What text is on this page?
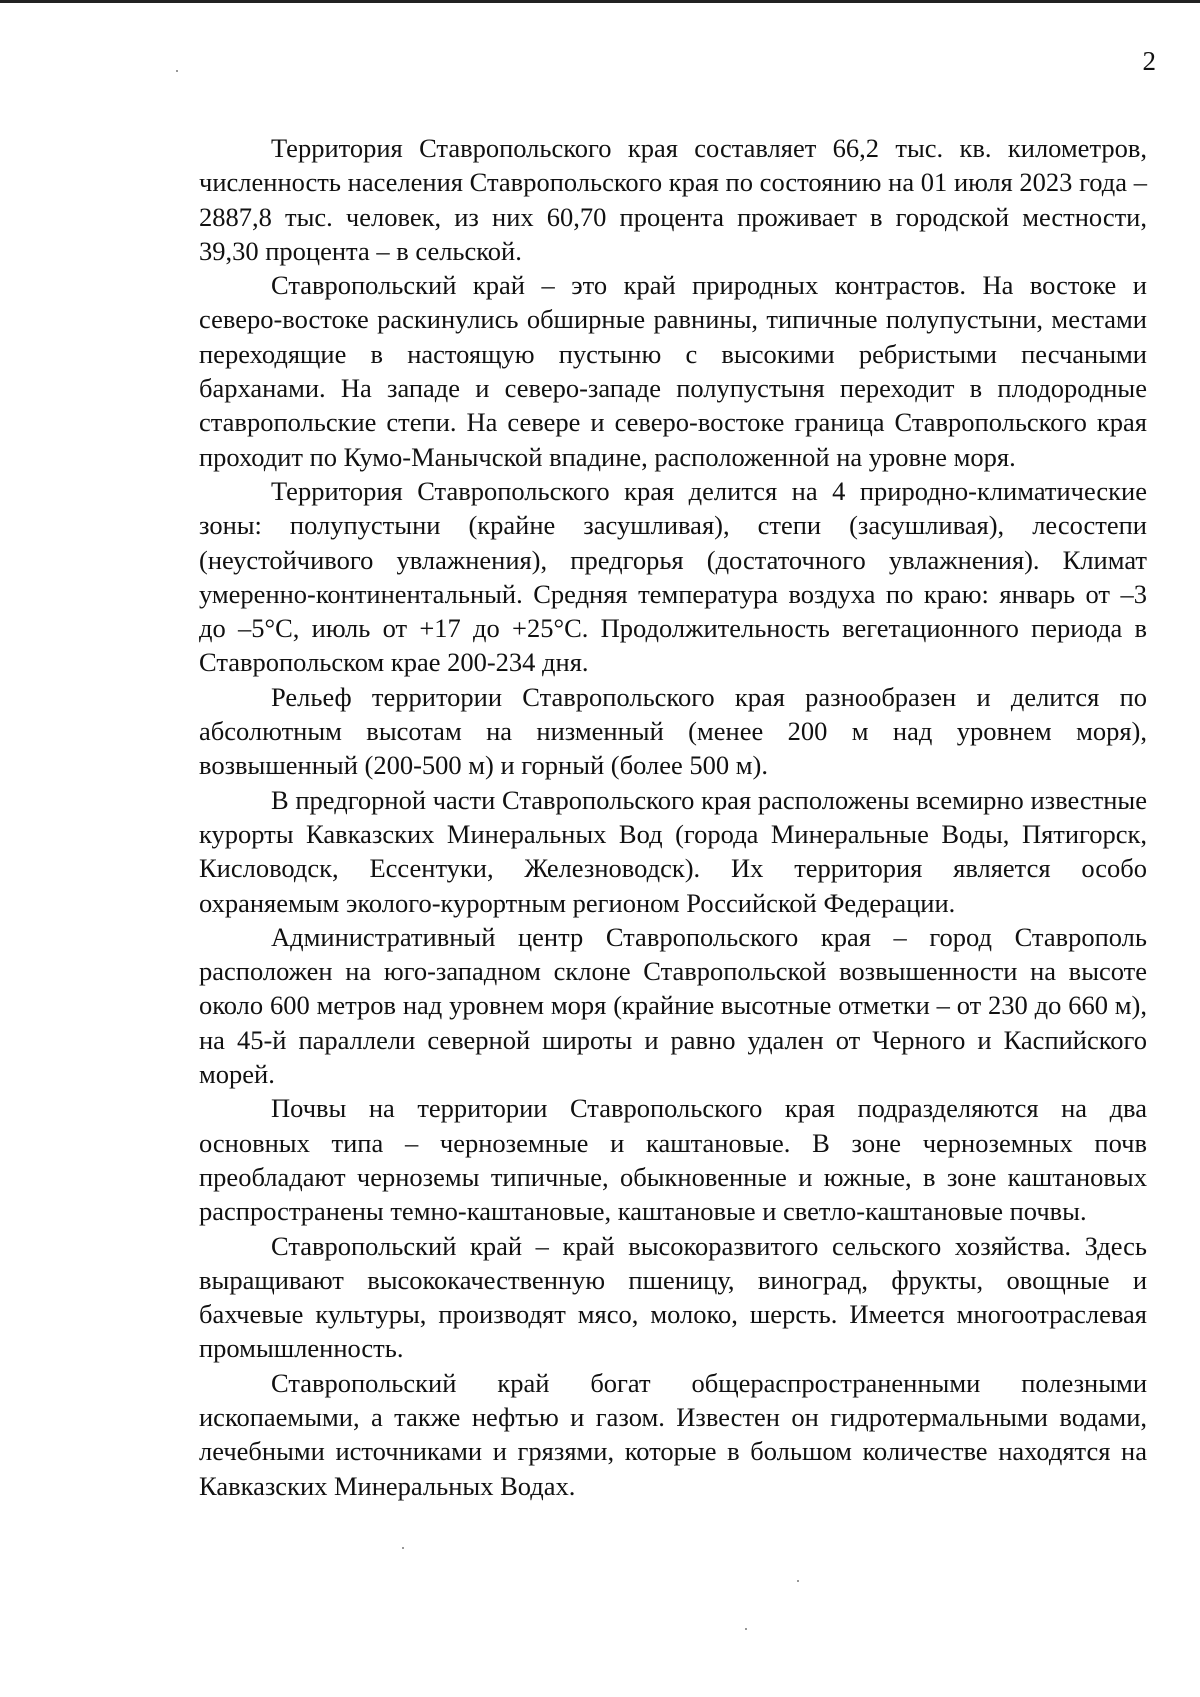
2

Территория Ставропольского края составляет 66,2 тыс. кв. километров, численность населения Ставропольского края по состоянию на 01 июля 2023 года – 2887,8 тыс. человек, из них 60,70 процента проживает в городской местности, 39,30 процента – в сельской.

Ставропольский край – это край природных контрастов. На востоке и северо-востоке раскинулись обширные равнины, типичные полупустыни, местами переходящие в настоящую пустыню с высокими ребристыми песчаными барханами. На западе и северо-западе полупустыня переходит в плодородные ставропольские степи. На севере и северо-востоке граница Ставропольского края проходит по Кумо-Манычской впадине, расположенной на уровне моря.

Территория Ставропольского края делится на 4 природно-климатические зоны: полупустыни (крайне засушливая), степи (засушливая), лесостепи (неустойчивого увлажнения), предгорья (достаточного увлажнения). Климат умеренно-континентальный. Средняя температура воздуха по краю: январь от –3 до –5°С, июль от +17 до +25°С. Продолжительность вегетационного периода в Ставропольском крае 200-234 дня.

Рельеф территории Ставропольского края разнообразен и делится по абсолютным высотам на низменный (менее 200 м над уровнем моря), возвышенный (200-500 м) и горный (более 500 м).

В предгорной части Ставропольского края расположены всемирно известные курорты Кавказских Минеральных Вод (города Минеральные Воды, Пятигорск, Кисловодск, Ессентуки, Железноводск). Их территория является особо охраняемым эколого-курортным регионом Российской Федерации.

Административный центр Ставропольского края – город Ставрополь расположен на юго-западном склоне Ставропольской возвышенности на высоте около 600 метров над уровнем моря (крайние высотные отметки – от 230 до 660 м), на 45-й параллели северной широты и равно удален от Черного и Каспийского морей.

Почвы на территории Ставропольского края подразделяются на два основных типа – черноземные и каштановые. В зоне черноземных почв преобладают черноземы типичные, обыкновенные и южные, в зоне каштановых распространены темно-каштановые, каштановые и светло-каштановые почвы.

Ставропольский край – край высокоразвитого сельского хозяйства. Здесь выращивают высококачественную пшеницу, виноград, фрукты, овощные и бахчевые культуры, производят мясо, молоко, шерсть. Имеется многоотраслевая промышленность.

Ставропольский край богат общераспространенными полезными ископаемыми, а также нефтью и газом. Известен он гидротермальными водами, лечебными источниками и грязями, которые в большом количестве находятся на Кавказских Минеральных Водах.
